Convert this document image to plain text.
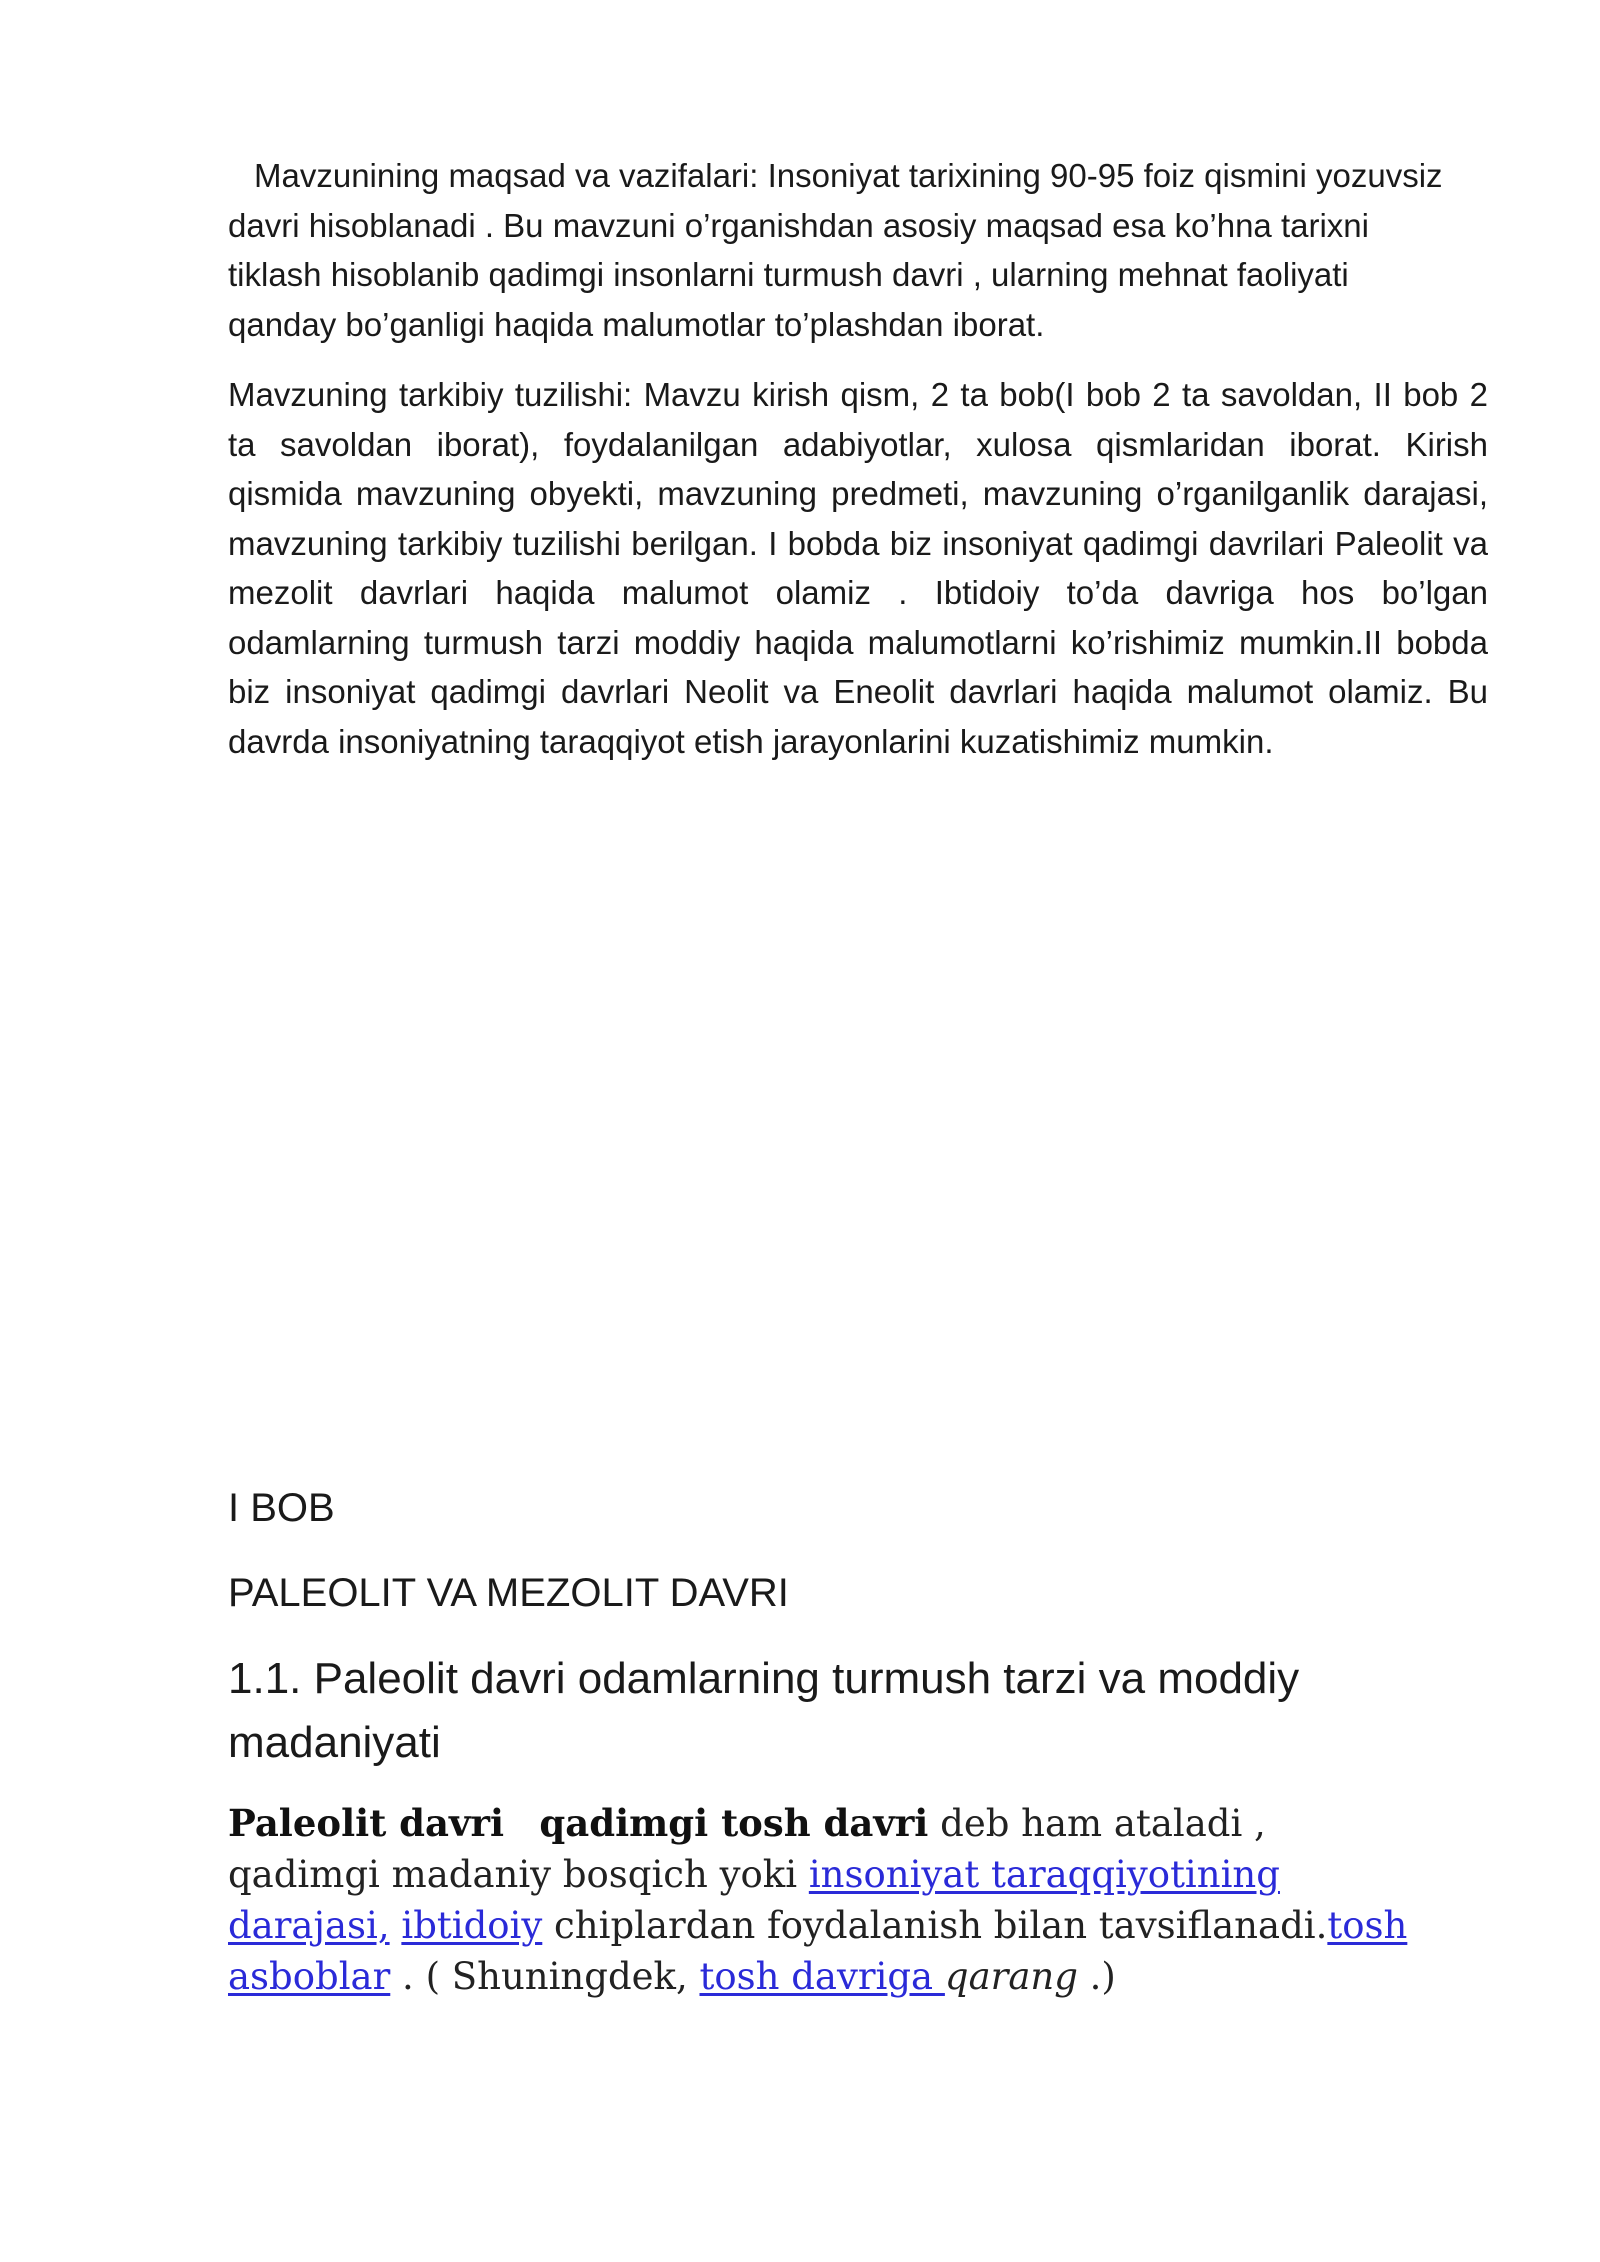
Mavzunining maqsad va vazifalari: Insoniyat tarixining 90-95 foiz qismini yozuvsiz davri hisoblanadi . Bu mavzuni o’rganishdan asosiy maqsad esa ko’hna tarixni tiklash hisoblanib qadimgi insonlarni turmush davri , ularning mehnat faoliyati qanday bo’ganligi haqida malumotlar to’plashdan iborat.

Mavzuning tarkibiy tuzilishi: Mavzu kirish qism, 2 ta bob(I bob 2 ta savoldan, II bob 2 ta savoldan iborat), foydalanilgan adabiyotlar, xulosa qismlaridan iborat. Kirish qismida mavzuning obyekti, mavzuning predmeti, mavzuning o’rganilganlik darajasi, mavzuning tarkibiy tuzilishi berilgan. I bobda biz insoniyat qadimgi davrilari Paleolit va mezolit davrlari haqida malumot olamiz . Ibtidoiy to’da davriga hos bo’lgan odamlarning turmush tarzi moddiy haqida malumotlarni ko’rishimiz mumkin.II bobda biz insoniyat qadimgi davrlari Neolit va Eneolit davrlari haqida malumot olamiz. Bu davrda insoniyatning taraqqiyot etish jarayonlarini kuzatishimiz mumkin.

I BOB
PALEOLIT VA MEZOLIT DAVRI
1.1. Paleolit davri odamlarning turmush tarzi va moddiy madaniyati

Paleolit davri qadimgi tosh davri deb ham ataladi , qadimgi madaniy bosqich yoki insoniyat taraqqiyotining darajasi, ibtidoiy chiplardan foydalanish bilan tavsiflanadi.tosh asboblar . ( Shuningdek, tosh davriga qarang .)
